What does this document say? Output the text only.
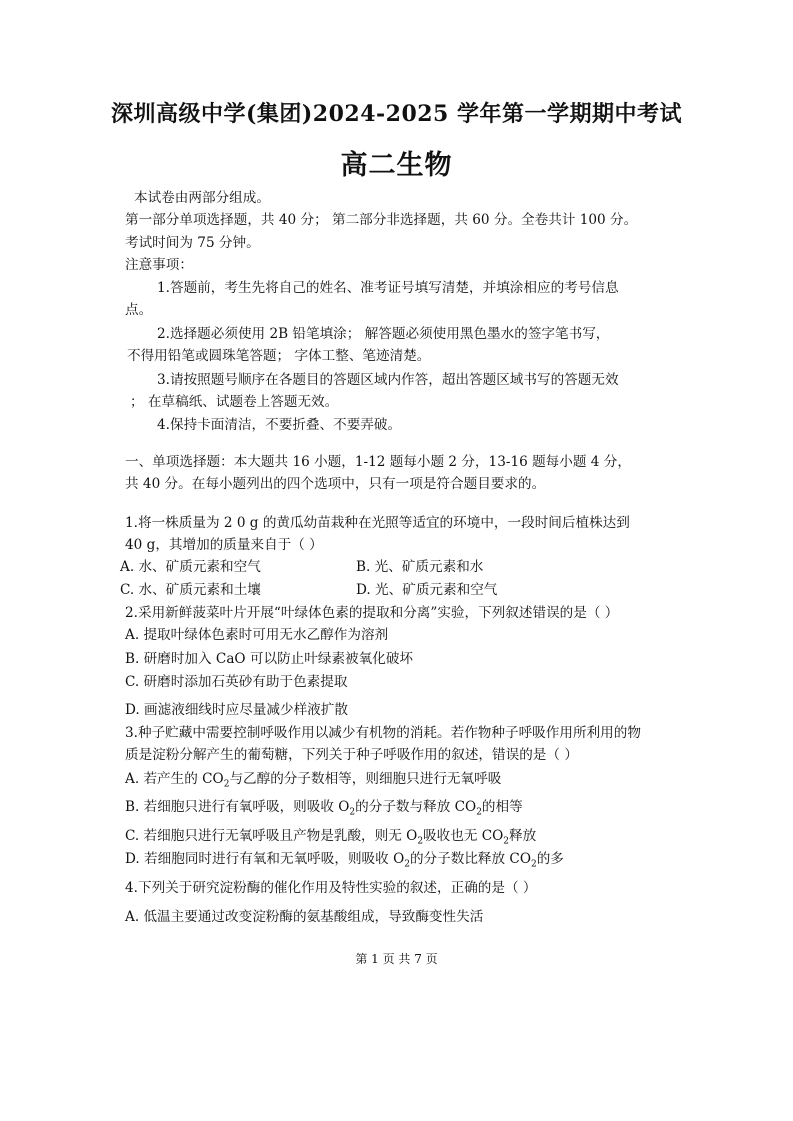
深圳高级中学(集团)2024-2025 学年第一学期期中考试
高二生物
本试卷由两部分组成。
第一部分单项选择题，共 40 分； 第二部分非选择题，共 60 分。全卷共计 100 分。
考试时间为 75 分钟。
注意事项：
1.答题前，考生先将自己的姓名、准考证号填写清楚，并填涂相应的考号信息
点。
2.选择题必须使用 2B 铅笔填涂； 解答题必须使用黑色墨水的签字笔书写，
不得用铅笔或圆珠笔答题； 字体工整、笔迹清楚。
3.请按照题号顺序在各题目的答题区域内作答，超出答题区域书写的答题无效
； 在草稿纸、试题卷上答题无效。
4.保持卡面清洁，不要折叠、不要弄破。
一、单项选择题：本大题共 16 小题，1-12 题每小题 2 分，13-16 题每小题 4 分，
共 40 分。在每小题列出的四个选项中，只有一项是符合题目要求的。
1.将一株质量为 2 0 g 的黄瓜幼苗栽种在光照等适宜的环境中，一段时间后植株达到
40 g，其增加的质量来自于（ ）
A. 水、矿质元素和空气	B. 光、矿质元素和水
C. 水、矿质元素和土壤	D. 光、矿质元素和空气
2.采用新鲜菠菜叶片开展“叶绿体色素的提取和分离”实验，下列叙述错误的是（ ）
A. 提取叶绿体色素时可用无水乙醇作为溶剂
B. 研磨时加入 CaO 可以防止叶绿素被氧化破坏
C. 研磨时添加石英砂有助于色素提取
D. 画滤液细线时应尽量减少样液扩散
3.种子贮藏中需要控制呼吸作用以减少有机物的消耗。若作物种子呼吸作用所利用的物
质是淀粉分解产生的葡萄糖，下列关于种子呼吸作用的叙述，错误的是（ ）
A. 若产生的 $CO_2$与乙醇的分子数相等，则细胞只进行无氧呼吸
B. 若细胞只进行有氧呼吸，则吸收 $O_2$的分子数与释放 $CO_2$的相等
C. 若细胞只进行无氧呼吸且产物是乳酸，则无 $O_2$吸收也无 $CO_2$释放
D. 若细胞同时进行有氧和无氧呼吸，则吸收 $O_2$的分子数比释放 $CO_2$的多
4.下列关于研究淀粉酶的催化作用及特性实验的叙述，正确的是（ ）
A. 低温主要通过改变淀粉酶的氨基酸组成，导致酶变性失活
第 1 页 共 7 页
